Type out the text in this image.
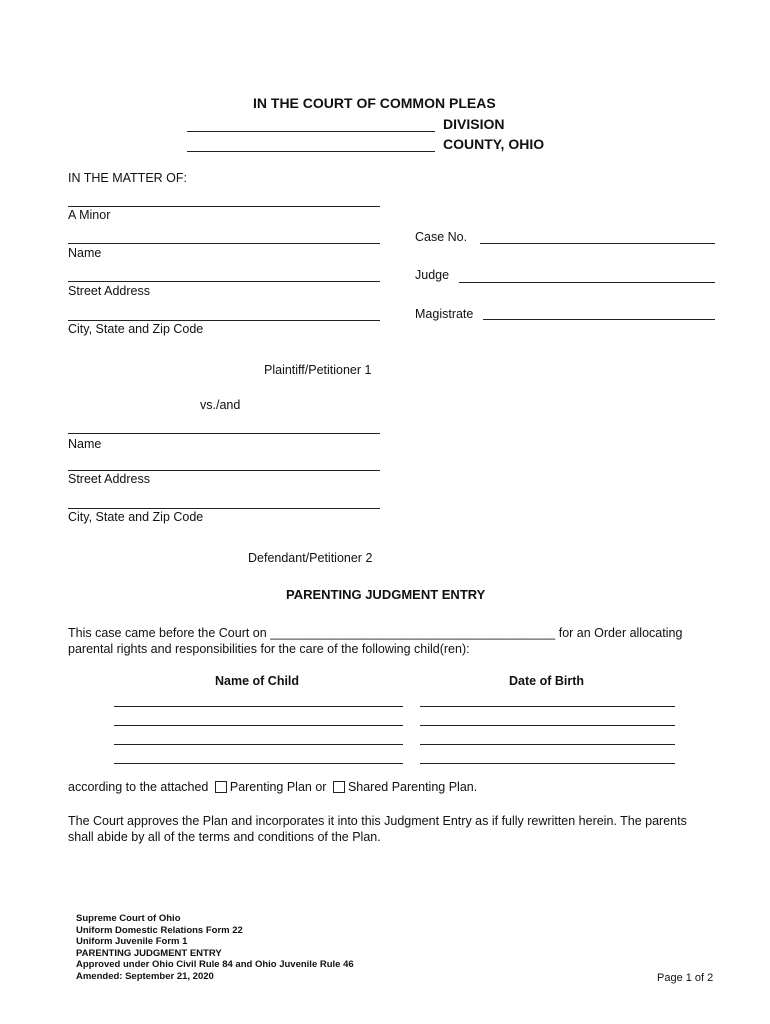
IN THE COURT OF COMMON PLEAS
DIVISION
COUNTY, OHIO
IN THE MATTER OF:
A Minor
Name
Street Address
City, State and Zip Code
Plaintiff/Petitioner 1
Case No.
Judge
Magistrate
vs./and
Name
Street Address
City, State and Zip Code
Defendant/Petitioner 2
PARENTING JUDGMENT ENTRY
This case came before the Court on _________________________________________ for an Order allocating
parental rights and responsibilities for the care of the following child(ren):
Name of Child	Date of Birth
according to the attached Parenting Plan or Shared Parenting Plan.
The Court approves the Plan and incorporates it into this Judgment Entry as if fully rewritten herein. The parents
shall abide by all of the terms and conditions of the Plan.
Supreme Court of Ohio
Uniform Domestic Relations Form 22
Uniform Juvenile Form 1
PARENTING JUDGMENT ENTRY
Approved under Ohio Civil Rule 84 and Ohio Juvenile Rule 46
Amended: September 21, 2020	Page 1 of 2
